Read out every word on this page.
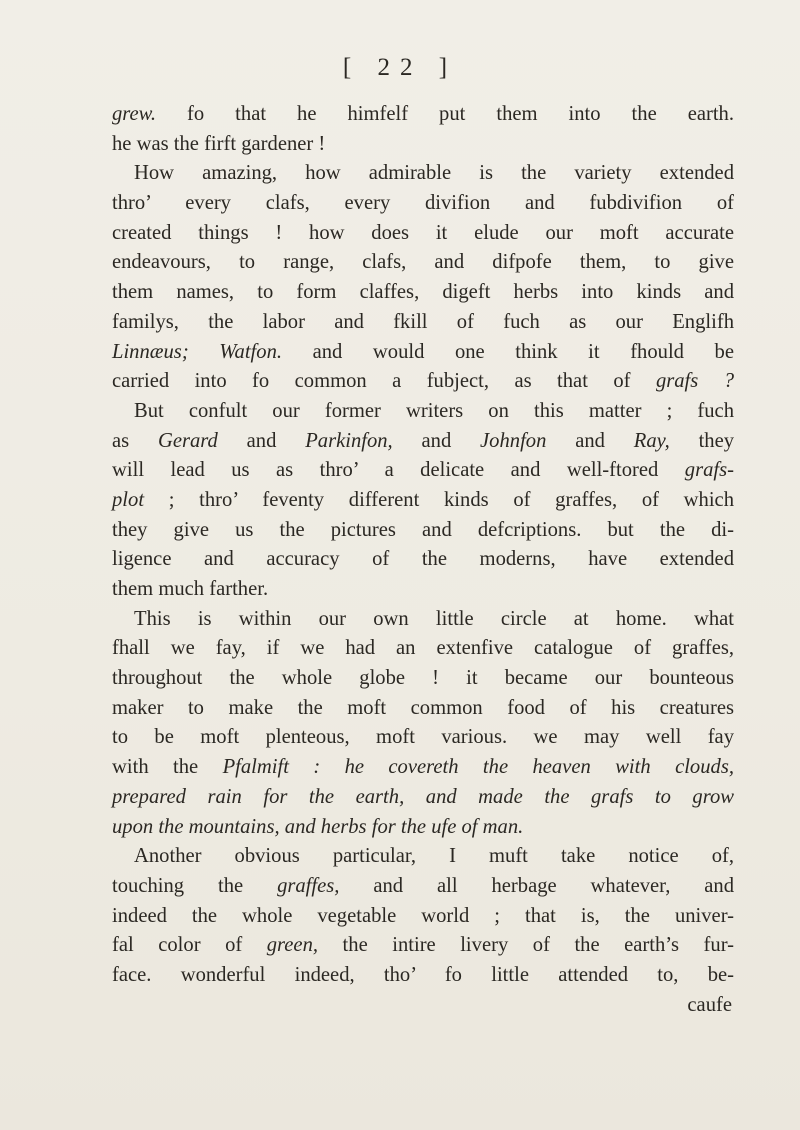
[ 22 ]
grew. fo that he himfelf put them into the earth.
he was the firft gardener !
How amazing, how admirable is the variety extended
thro’ every clafs, every divifion and fubdivifion of
created things ! how does it elude our moft accurate
endeavours, to range, clafs, and difpofe them, to give
them names, to form claffes, digeft herbs into kinds and
familys, the labor and fkill of fuch as our Englifh
Linnæus; Watfon. and would one think it fhould be
carried into fo common a fubject, as that of grafs ?
But confult our former writers on this matter ; fuch
as Gerard and Parkinfon, and Johnfon and Ray, they
will lead us as thro’ a delicate and well-ftored grafs-
plot ; thro’ feventy different kinds of graffes, of which
they give us the pictures and defcriptions. but the di-
ligence and accuracy of the moderns, have extended
them much farther.
This is within our own little circle at home. what
fhall we fay, if we had an extenfive catalogue of graffes,
throughout the whole globe ! it became our bounteous
maker to make the moft common food of his creatures
to be moft plenteous, moft various. we may well fay
with the Pfalmift : he covereth the heaven with clouds,
prepared rain for the earth, and made the grafs to grow
upon the mountains, and herbs for the ufe of man.
Another obvious particular, I muft take notice of,
touching the graffes, and all herbage whatever, and
indeed the whole vegetable world ; that is, the univer-
fal color of green, the intire livery of the earth’s fur-
face. wonderful indeed, tho’ fo little attended to, be-
caufe
